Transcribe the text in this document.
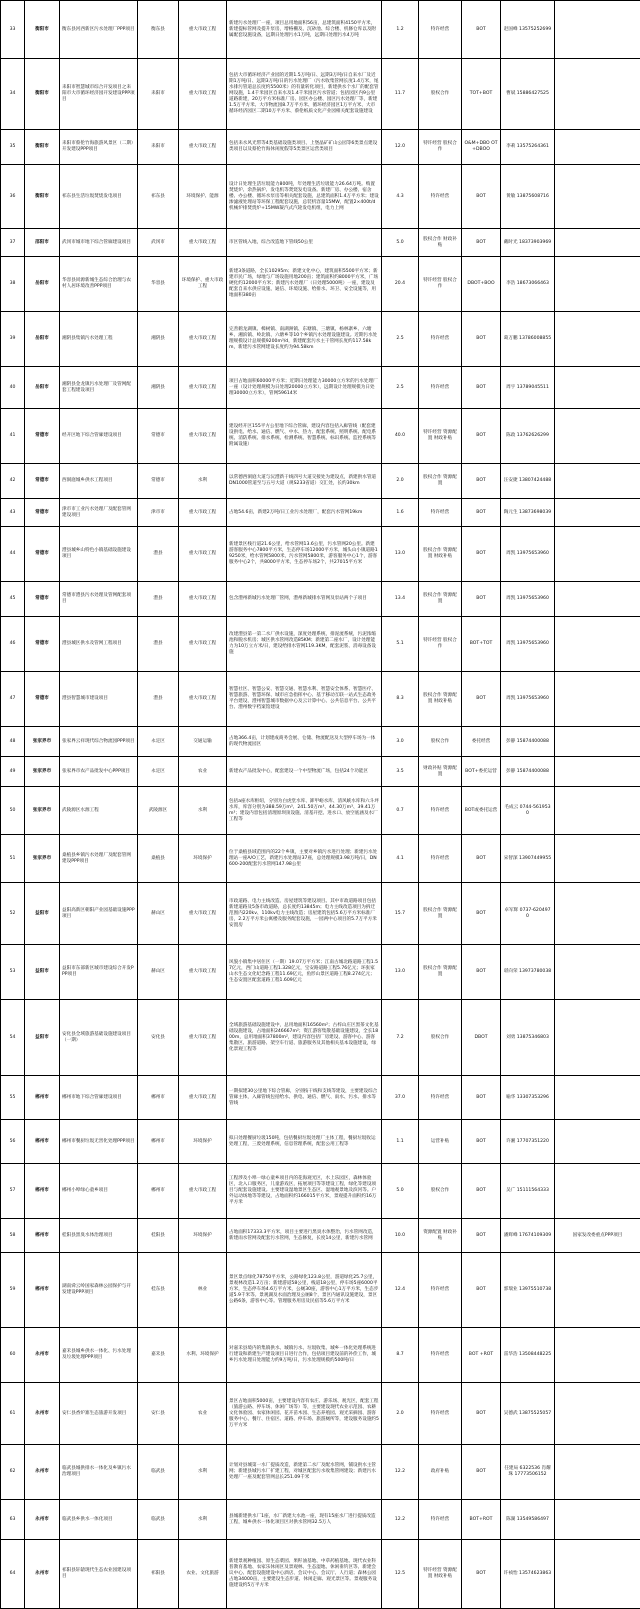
33	衡阳市	衡东县河西新区污水处理厂PPP项目	衡东县	重大市政工程	新建污水处理厂一座，项目总用地面积56亩，总建筑面积4150平方米，新建提标管网及提升泵房，增格栅及、沉砂池、综合楼、机修仓库以及附属配套设施设备，远期日处理污水1万吨，远期日处理污水4万吨	1.2	特许经营	BOT	赵国峰 13575252699	
34	衡阳市	耒阳市智慧城市综合开发项目之耒阳市大市循环经济园开发建设PPP项目	耒阳市	重大市政工程	包括大市循环经济产业园的近期1.5万吨/日、远期3万吨/日自来水厂及近期1万吨/日、远期3万吨/日的污水处理厂（污水收集管网长度1.4万米，尾水排污管道总长度约5500米）的有量转化项目，新建供水个水厂的配套管网设施，1.4千米园区自来水及1.4千米园区污水管道；包括园区内9公里道路新建，20万平方米标准厂房、园区办公楼、园区污水处理厂等，新建1.5万平方米、大市物流园8.7万平方米、循环经济园区1万平方米、大市循环经济园区二期10万平方米、蔡伦纸质文化产业园相关配套设施建设	11.7	股权合作	TOT+BOT	曹斌 15886427525	
35	衡阳市	耒阳市蔡伦竹海旅游风景区（二期）开发建设PPP项目	耒阳市	重大市政工程	包括耒水风光带等4类基础设施类项目、上堡晶矿矿山公园等6类景点建设类项目以及蔡伦竹海休闲度假等5类景区运营类项目	12.0	特许经营 股权合作	O&M+DBO OT+DBOO	李莉 13575264361	
36	衡阳市	祁东县生活垃圾焚烧发电项目	祁东县	环境保护、能源	设计日处理生活垃圾能力800吨，年处理生活垃圾能力26.64万吨。购置焚烧炉、余热锅炉、发电机等焚烧发电设备。新建厂房、办公楼、宿舍楼、办公楼、循环水泵房等相关配套设施，总建筑面积1.4万平方米；建设渗滤液处理站等环保工程配套设施，总装机容量15MW，配置2×400t/d机械炉排焚烧炉+15MW凝汽式汽轮发电机组，电力上网	4.3	特许经营	BOT	黄敏 13875608716	
37	邵阳市	武冈市城市地下综合管廊建设项目	武冈市	重大市政工程	市区管线入地，综合改造地下管线50公里	5.0	股权合作 财政补贴	BOT	戴时光 18373903969	
38	岳阳市	华容县同源新城生态综合治理与农村人居环境改善PPP项目	华容县	环境保护、重大市政工程	新建3条道路，全长10295m；新建文化中心，建筑面积5500平方米；新建市民广场，绿地与广场设施用地200亩；建筑面积约8000平方米，广场硬化约12000平方米；新建污水处理厂（日处理5000吨）一座，建设及配套自来水供应设施、通信、环境设施、给排水、环卫、安全设施等，用地面积380亩	20.4	特许经营 股权合作	DBOT+BOO	李浩 18673066463	
39	岳阳市	湘阴县集镇污水处理工程	湘阴县	重大市政工程	完善鹤龙湖镇、樟树镇、南湖洲镇、东塘镇、三塘镇、杨林寨乡、六塘乡、湘滨镇、岭北镇、六塘乡等10个乡镇污水处理设施建设。近期污水处理规模设计总规模9200m³/d，新建配套污水主干管网长度约117.58km，新建污水管网建设长度约为94.58km	2.5	特许经营	BOT	葛万鹏 13786008855	
40	岳阳市	湘阴县金龙镇污水处理厂及管网配套工程建设项目	湘阴县	重大市政工程	项目占地面积60000平方米；近期日处理能力30000立方米的污水处理厂一座（设计处理规模为日处理20000立方米），远期设计处理规模为日处理30000立方米），管网59614米	2.5	特许经营	BOT	周宇 13789045511	
41	常德市	经开区地下综合管廊建设项目	常德市	重大市政工程	建设经开区155平方公里地下综合管廊，建设内容包括入廊管线（配套建设供电、给水、通信、燃气、中水、热力、配套系统、照明系统、配电系统、消防系统、排水系统、检测系统、智慧系统、标识系统、监控系统等附属设施）	40.0	特许经营 资源配置 财政补贴	BOT	陈政 13762626299	
42	常德市	西洞庭城乡供水工程项目	常德市	水利	以常德西洞庭大道与沅澧新干线四号大道交接处为建设点，新建供水管道DN1000管道至与五号大道（规S233省道）交汇处，长约30km	2.0	股权合作 资源配置	BOT	汪安捷 13807424488	
43	常德市	津市市工业污水处理厂及配套管网建设项目	津市市	重大市政工程	占地54.6亩，新建2万吨/日工业污水处理厂，配套污水管网19km	1.6	特许经营	BOT	陶元生 13873698039	
44	常德市	澧县城乡山特色小镇基础设施建设项目	澧县	重大市政工程	新建景区栈行道21.6公里，给水管网13.6公里，污水管网20公里。新建游客服务中心7800平方米，生态停车场12000平方米，城头山小镇道路19250米，给水管网5800米，污水管网5800米，游客服务中心1个，游客服务中心2个，共8000平方米，生态停车场2个，共27015平方米	13.0	股权合作 资源配置 财政补贴	BOT	周凯 13975653960	
45	常德市	常德市澧县污水处理及管网配套项目	澧县	重大市政工程	包含澧州新城污水处理厂管网，澧州新城排水管网及泵站两个子项目	13.4	股权合作 资源配置	BOT	周凯 13975653960	
46	常德市	澧县城区供水及管网工程项目	澧县	重大市政工程	改建澧县第一第二水厂供水设施，深度处理系统，排泥流系统，污泥浓缩池和脱水机房；城区供水管网改造85KM；新建第二座水厂，设计处理能力为10万立方米/日，建设给排水管网119.3KM，配套泥浆、消毒设备设施	5.1	特许经营 股权合作	BOT+TOT	周凯 13975653960	
47	常德市	澧县智慧城市建设项目	澧县	重大市政工程	智慧社区、智慧公安、智慧交通、智慧水利、智慧安全体系、智慧医疗、智慧旅游、智慧环保、城市应急指挥中心、基于移动互联一站式生态政务平台建设、澧州智慧城市数据中心及云计算中心、公共信息平台、公共平台、澧州数字档案馆建设	8.3	股权合作 资源配置 财政补贴	BOT	周凯 13975653960	
48	张家界市	张家界云祥现代综合物流园PPP项目	永定区	交通运输	占地366.4亩，计划建成商务会展、仓储、物流配送及大型停车场为一体的现代物流园区	3.0	股权合作	委托经营	彭静 15874400088	
49	张家界市	张家界市农产品批发中心PPP项目	永定区	农业	新建农产品批发中心，配套建设一个中型物流广场，包括24个功能区	3.5	财政补贴 资源配置	BOT+委托运营	彭静 15874400088	
50	张家界市	武陵源区水源工程	武陵源区	水利	包括a座水库枢纽，分别为白虎堂水库、卸甲峪水库、清风峡水库和六斗坪水库，库容分别为388.59万m³、241.50万m³、44.30万m³、39.41万m³；建设内容包括清理原坝顶设施、清基开挖、进水口、放空底涵及水厂工程等	0.7	特许经营	BOT或委托运营	毛成云 0744-5619530	
51	张家界市	桑植县乡镇污水处理厂及配套管网建设PPP项目	桑植县	环境保护	位于桑植县域范围内的22个乡镇，主要对乡镇污水进行处理；新建污水处理站一座A/O工艺，新建污水处理站37座，总处理规模3.98万吨/日，DN600-200配套污水管网147.98公里	4.1	特许经营	BOT	宋智深 13907449955	
52	益阳市	益阳高新区朝阳产业园基础设施PPP项目	赫山区	重大市政工程	市政道路、电力主线改造、房屋建筑等建设项目。其中市政道路项目包括新建道路及5条市政道路，总长度约13845m；电力主线改造项目为拆迁范围内220kv、110kv电力主线改造；房屋建筑包括5.6万平方米标准厂房，2.2万平方米公寓楼及服务配套设施，一园两中心项目的5.7万平方米安置房	15.7	股权合作 资源配置	BOT	卓军辉 0737-6204970	
53	益阳市	益阳市东部新区城市建设综合开发PPP项目	赫山区	重大市政工程	风貌小镇集中居住区（一期）19.07万平方米；江南古城北路道路工程1.57亿元，西门山道路工程1.328亿元，宝安路道路工程5.76亿元；环张家山水生态文化纪念路工程11.69亿元，鱼形山景区道路工程8.274亿元；生态安置区配套道路工程1.609亿元	13.0	股权合作 资源配置	BOT	谌向荣 13973780038	
54	益阳市	安化县全域旅游基础设施建设项目（一期）	安化县	重大市政工程	全域旅游基础设施建设中，总用地面积16560m²；古梓山庄区黑茶文化基础设施建设，占地面积246667m²；资江游客集散基础设施建设，全长1800m，总用地面积37800m²，建设内容包括厂房建设、游客中心、游客集散区、旅游道路、架空车行道、旅游服务及其他相关基本设施建设，绿化景观工程等	7.2	股权合作	DBOT	刘勇 13875346803	
55	郴州市	郴州市地下综合管廊建设项目	郴州市	重大市政工程	一期拟建30公里地下综合管廊，分别按干线和支线等建设，主要建设综合管廊主体，入廊管线包括给水、供电、通信、燃气、雨水、污水、排水等管线	37.0	特许经营	BOT	喻华 13307353296	
56	郴州市	郴州市餐厨垃圾无害化处理PPP项目	郴州市	环境保护	拟日处理餐厨垃圾150吨，包括餐厨垃圾处理厂主体工程，餐厨垃圾收运处理工程，三废处理系统，信息管理系统，配套公用工程等	1.1	运营补贴	BOT	许湘 17707351220	
57	郴州市	郴州小埠绿心童乡项目	郴州市	重大市政工程	工程涉及小埠一绿心童乡项目内的花海观光区，水上乐园区，森林体验区，北入口服务区，儿童游戏区，拓展项目等等建设工程，绿化等建设项目与配套设施建设。主要建设湿地景区生态区、湿地观景地及滨河等。户外运动场地等等建设，占地面积约166015平方米，景观提升面积约16万平方米	5.0	股权合作	BOT	吴广 15111564333	
58	郴州市	桂阳县黑臭水体治理项目	桂阳县	环境保护	占地面积17333.3平方米，项目主要进行黑臭水体整治，污水管网改造，新建雨水管网及配套污水管网，生态修复，长度14公里，新建污水管网	10.0	资源配置 财政补贴	BOT	潘辉峰 17674109309	国家发改委重点PPP项目
59	郴州市	湖南舜云岭国家森林公园保护与开发建设PPP项目	桂东县	林业	景区景点绿化78750平方米，公路绿化123.8公里，游道绿化25.7公里，景观林改造1.2万亩；新建游道58公里，栈道18公里，停车场5座6000平方米，生态停车场4.6万平方米，公厕30座，游客中心1万平方米，生态步道5.9千米等。景观湖及水面治理及公厕8个，景区内通讯设施建设，景区公路6条，游客中心等。管理服务用房及民宿等5.6万平方米	12.4	特许经营	BOT	郭瑞业 13975510738	
60	永州市	嘉禾县城乡供水一体化、污水处理及垃圾处理PPP项目	嘉禾县	水利、环境保护	对嘉禾县境内的集镇供水、城镇污水、垃圾收集、城乡一体化处理系统进行建设和新建生产建设项目日进行合作，包括项目建设前的补偿工作，城乡污水处理日处理能力约9万吨/日，污水处理规模约500吨/日	8.7	特许经营	BOT +ROT	雷华浩 13508448225	
61	永州市	安仁县香炉寨生态旅游开发项目	安仁县	农业	景区占地面积5000亩，主要建设内容有农庄、游乐场、观光区，配套工程（旅游公路、停车场、休闲广场等）等，主要建设现代农业示范园、农耕文化体验园、农家休闲园、花卉苗木园、生态养殖园、观光采摘园、游客服务中心、餐厅、住宿区、道路、停车场、旅游厕所等，建设服务设施约5万平方米	2.0	特许经营	BOT	吴德武 13875525057	
62	永州市	临武县城供排水一体化及乡镇污水治理项目	临武县	水利	计划对县城第一水厂提质改造，新建第二水厂及配水管网，铺设供水主管网；新建县城污水厂扩建工程，对城区配套污水收集管网建设；新建污水处理厂一座及配套管网总长251.09千米	12.2	政府补贴	BOT	任建局 6322536 肖耀珠 17773506152	
63	永州市	临武县乡供水一体化项目	临武县	水利	县城新建供水厂1座，水厂新建大水池一座，现有15座水厂进行提质改造工程，城乡供水一体化项目区对供水管网32.5万人	12.2	特许经营	BOT+ROT	陈湖 13549586497	
64	永州市	祁阳县轩辕现代生态农业园建设项目	祁阳县	农业、文化旅游	新建景观种植园、原生态菜园、果籽油基地、中草药植基地、现代农业科普教育基地、农家乐休闲区及景观林、生态湿地、休闲垂钓区等、新建会议中心、配套设施建设中心酒店、会议中心、会议厅、人行道；森林公园占地34000亩，主要建设生态步道、休闲走廊、观光景区等。景观服务设施建设约5万平方米	12.5	特许经营 资源配置 财政补贴	BOT	许祯怡 13574623863	
